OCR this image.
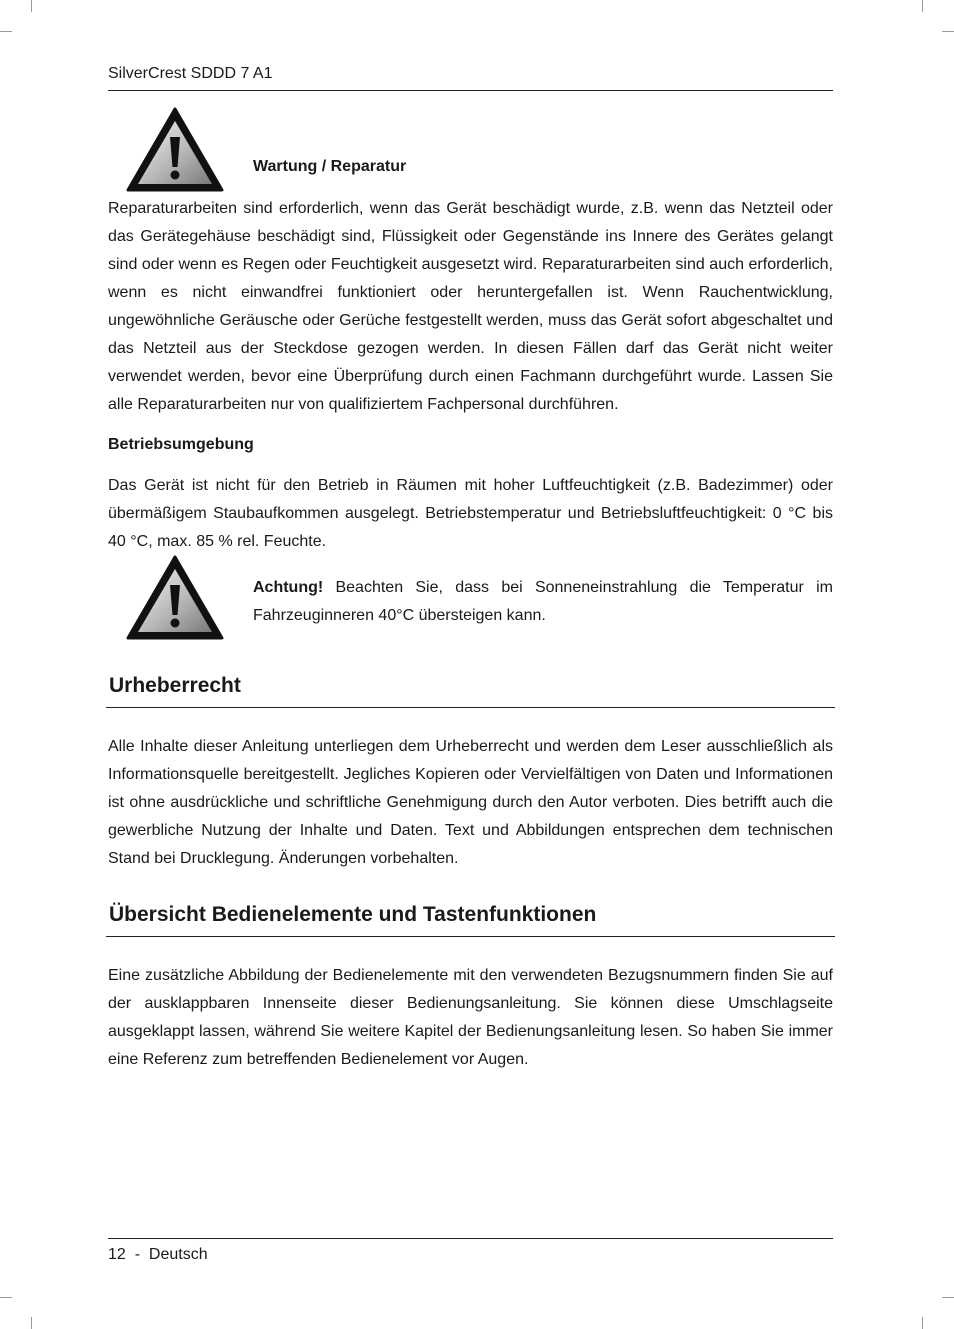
SilverCrest SDDD 7 A1
Wartung / Reparatur

Reparaturarbeiten sind erforderlich, wenn das Gerät beschädigt wurde, z.B. wenn das Netzteil oder das Gerätegehäuse beschädigt sind, Flüssigkeit oder Gegenstände ins Innere des Gerätes gelangt sind oder wenn es Regen oder Feuchtigkeit ausgesetzt wird. Reparaturarbeiten sind auch erforderlich, wenn es nicht einwandfrei funktioniert oder heruntergefallen ist. Wenn Rauchentwicklung, ungewöhnliche Geräusche oder Gerüche festgestellt werden, muss das Gerät sofort abgeschaltet und das Netzteil aus der Steckdose gezogen werden. In diesen Fällen darf das Gerät nicht weiter verwendet werden, bevor eine Überprüfung durch einen Fachmann durchgeführt wurde. Lassen Sie alle Reparaturarbeiten nur von qualifiziertem Fachpersonal durchführen.

Betriebsumgebung

Das Gerät ist nicht für den Betrieb in Räumen mit hoher Luftfeuchtigkeit (z.B. Badezimmer) oder übermäßigem Staubaufkommen ausgelegt. Betriebstemperatur und Betriebsluftfeuchtigkeit: 0 °C bis 40 °C, max. 85 % rel. Feuchte.

Achtung! Beachten Sie, dass bei Sonneneinstrahlung die Temperatur im Fahrzeuginneren 40°C übersteigen kann.

Urheberrecht

Alle Inhalte dieser Anleitung unterliegen dem Urheberrecht und werden dem Leser ausschließlich als Informationsquelle bereitgestellt. Jegliches Kopieren oder Vervielfältigen von Daten und Informationen ist ohne ausdrückliche und schriftliche Genehmigung durch den Autor verboten. Dies betrifft auch die gewerbliche Nutzung der Inhalte und Daten. Text und Abbildungen entsprechen dem technischen Stand bei Drucklegung. Änderungen vorbehalten.

Übersicht Bedienelemente und Tastenfunktionen

Eine zusätzliche Abbildung der Bedienelemente mit den verwendeten Bezugsnummern finden Sie auf der ausklappbaren Innenseite dieser Bedienungsanleitung. Sie können diese Umschlagseite ausgeklappt lassen, während Sie weitere Kapitel der Bedienungsanleitung lesen. So haben Sie immer eine Referenz zum betreffenden Bedienelement vor Augen.

12 - Deutsch
